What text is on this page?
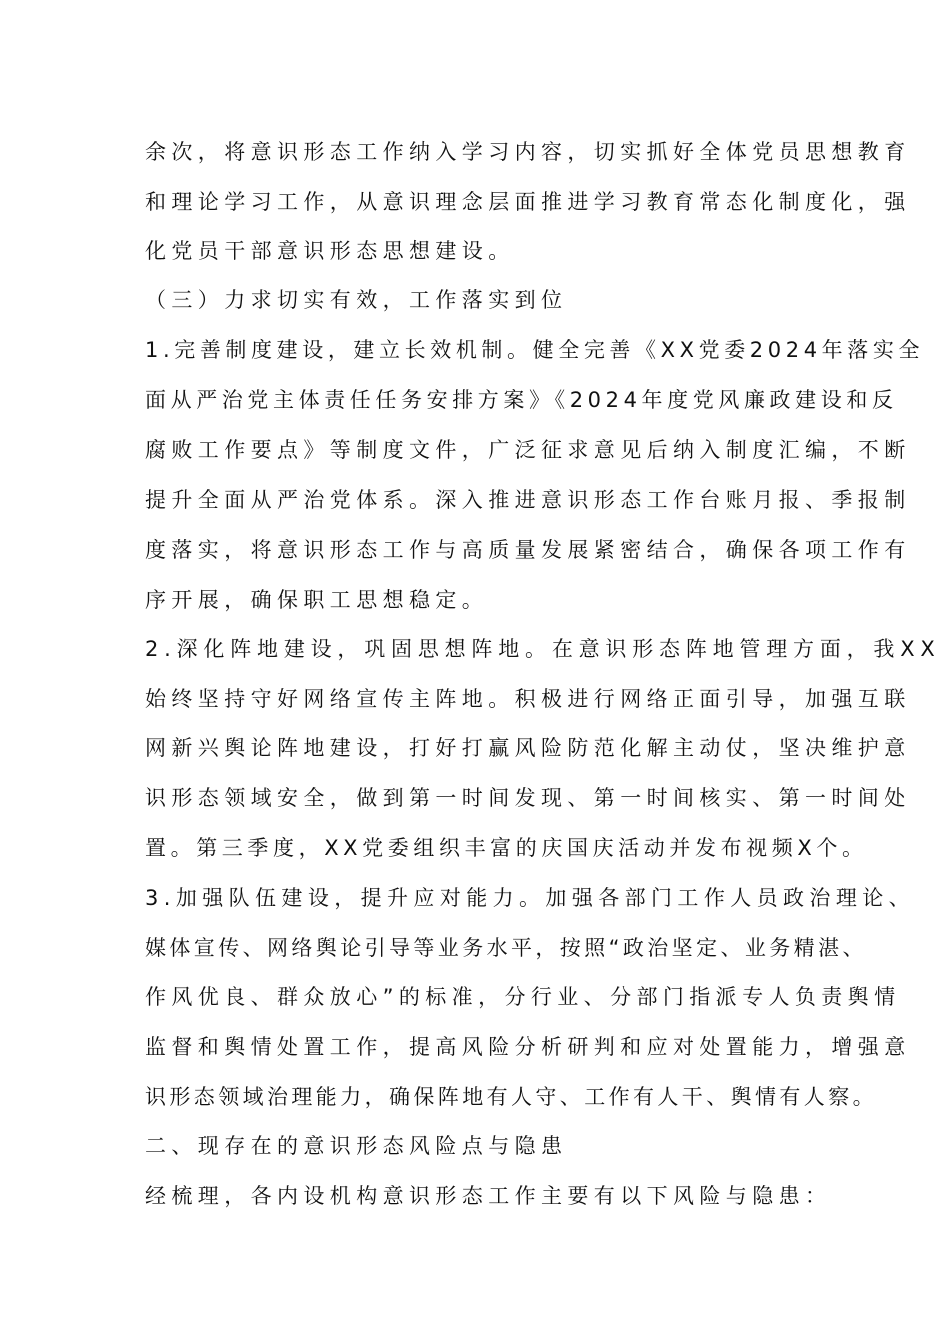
余次，将意识形态工作纳入学习内容，切实抓好全体党员思想教育

和理论学习工作，从意识理念层面推进学习教育常态化制度化，强

化党员干部意识形态思想建设。

（三）力求切实有效，工作落实到位

1.完善制度建设，建立长效机制。健全完善《XX党委2024年落实全

面从严治党主体责任任务安排方案》《2024年度党风廉政建设和反

腐败工作要点》等制度文件，广泛征求意见后纳入制度汇编，不断

提升全面从严治党体系。深入推进意识形态工作台账月报、季报制

度落实，将意识形态工作与高质量发展紧密结合，确保各项工作有

序开展，确保职工思想稳定。

2.深化阵地建设，巩固思想阵地。在意识形态阵地管理方面，我XX

始终坚持守好网络宣传主阵地。积极进行网络正面引导，加强互联

网新兴舆论阵地建设，打好打赢风险防范化解主动仗，坚决维护意

识形态领域安全，做到第一时间发现、第一时间核实、第一时间处

置。第三季度，XX党委组织丰富的庆国庆活动并发布视频X个。

3.加强队伍建设，提升应对能力。加强各部门工作人员政治理论、

媒体宣传、网络舆论引导等业务水平，按照“政治坚定、业务精湛、

作风优良、群众放心”的标准，分行业、分部门指派专人负责舆情

监督和舆情处置工作，提高风险分析研判和应对处置能力，增强意

识形态领域治理能力，确保阵地有人守、工作有人干、舆情有人察。

二、现存在的意识形态风险点与隐患

经梳理，各内设机构意识形态工作主要有以下风险与隐患：
